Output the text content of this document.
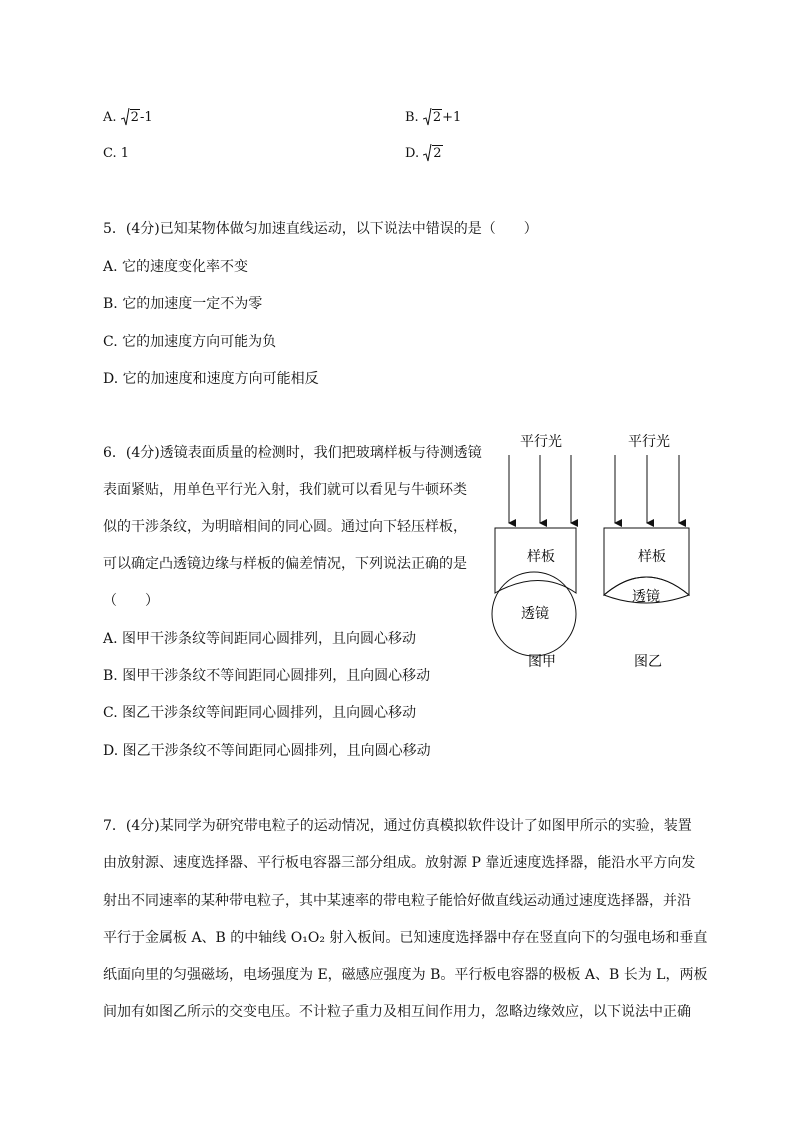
A. 2-1	B. 2+1
C. 1	D. 2
5．(4分)已知某物体做匀加速直线运动，以下说法中错误的是（　　）
A. 它的速度变化率不变
B. 它的加速度一定不为零
C. 它的加速度方向可能为负
D. 它的加速度和速度方向可能相反
6．(4分)透镜表面质量的检测时，我们把玻璃样板与待测透镜
表面紧贴，用单色平行光入射，我们就可以看见与牛顿环类
似的干涉条纹，为明暗相间的同心圆。通过向下轻压样板，
可以确定凸透镜边缘与样板的偏差情况，下列说法正确的是
（　　）
A. 图甲干涉条纹等间距同心圆排列，且向圆心移动
B. 图甲干涉条纹不等间距同心圆排列，且向圆心移动
C. 图乙干涉条纹等间距同心圆排列，且向圆心移动
D. 图乙干涉条纹不等间距同心圆排列，且向圆心移动
平行光
样板
透镜
图甲
平行光
样板
透镜
图乙
7．(4分)某同学为研究带电粒子的运动情况，通过仿真模拟软件设计了如图甲所示的实验，装置
由放射源、速度选择器、平行板电容器三部分组成。放射源 P 靠近速度选择器，能沿水平方向发
射出不同速率的某种带电粒子，其中某速率的带电粒子能恰好做直线运动通过速度选择器，并沿
平行于金属板 A、B 的中轴线 O₁O₂ 射入板间。已知速度选择器中存在竖直向下的匀强电场和垂直
纸面向里的匀强磁场，电场强度为 E，磁感应强度为 B。平行板电容器的极板 A、B 长为 L，两板
间加有如图乙所示的交变电压。不计粒子重力及相互间作用力，忽略边缘效应，以下说法中正确
